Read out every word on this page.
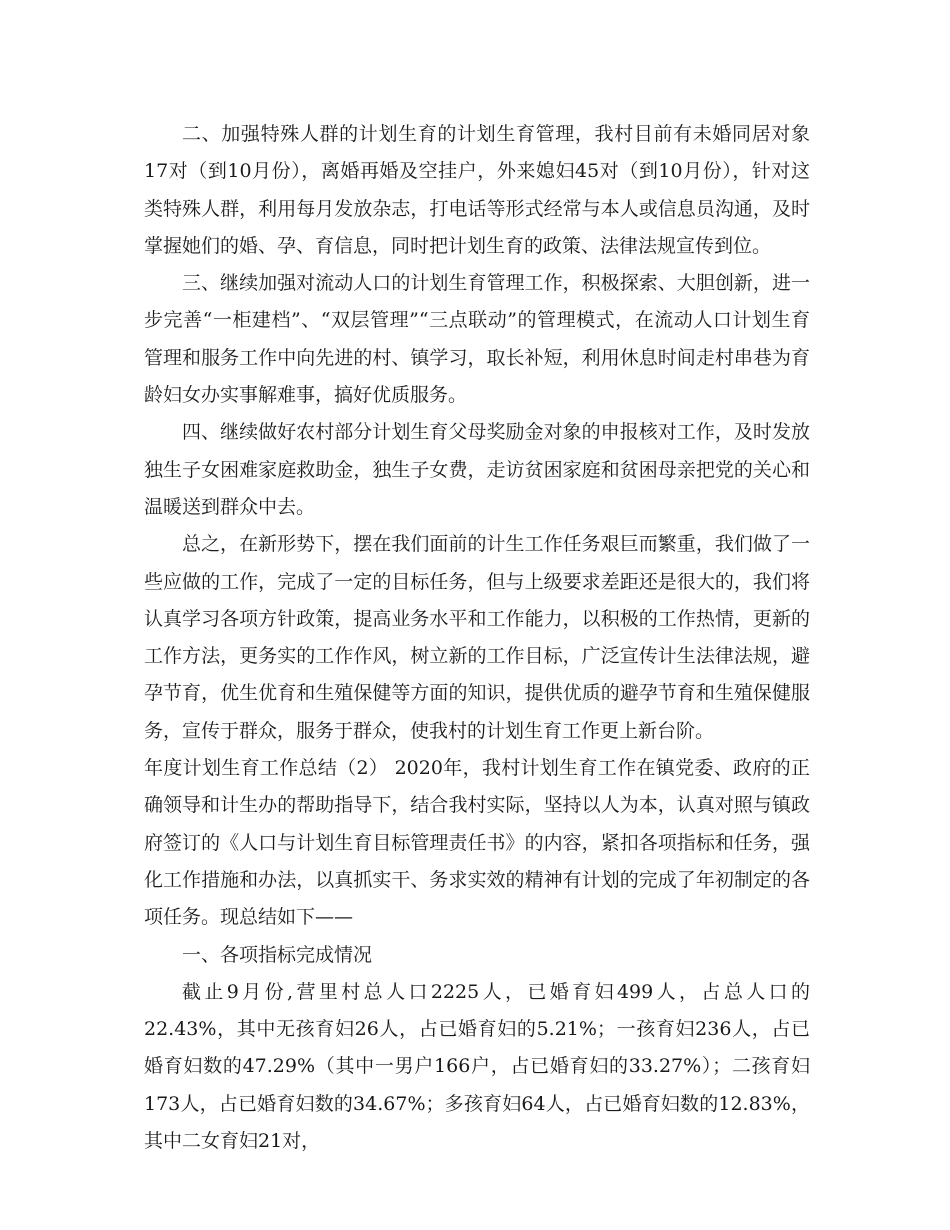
二、加强特殊人群的计划生育的计划生育管理，我村目前有未婚同居对象17对（到10月份），离婚再婚及空挂户，外来媳妇45对（到10月份），针对这类特殊人群，利用每月发放杂志，打电话等形式经常与本人或信息员沟通，及时掌握她们的婚、孕、育信息，同时把计划生育的政策、法律法规宣传到位。

三、继续加强对流动人口的计划生育管理工作，积极探索、大胆创新，进一步完善“一柜建档”、“双层管理”“三点联动”的管理模式，在流动人口计划生育管理和服务工作中向先进的村、镇学习，取长补短，利用休息时间走村串巷为育龄妇女办实事解难事，搞好优质服务。

四、继续做好农村部分计划生育父母奖励金对象的申报核对工作，及时发放独生子女困难家庭救助金，独生子女费，走访贫困家庭和贫困母亲把党的关心和温暖送到群众中去。

总之，在新形势下，摆在我们面前的计生工作任务艰巨而繁重，我们做了一些应做的工作，完成了一定的目标任务，但与上级要求差距还是很大的，我们将认真学习各项方针政策，提高业务水平和工作能力，以积极的工作热情，更新的工作方法，更务实的工作作风，树立新的工作目标，广泛宣传计生法律法规，避孕节育，优生优育和生殖保健等方面的知识，提供优质的避孕节育和生殖保健服务，宣传于群众，服务于群众，使我村的计划生育工作更上新台阶。

年度计划生育工作总结（2） 2020年，我村计划生育工作在镇党委、政府的正确领导和计生办的帮助指导下，结合我村实际，坚持以人为本，认真对照与镇政府签订的《人口与计划生育目标管理责任书》的内容，紧扣各项指标和任务，强化工作措施和办法，以真抓实干、务求实效的精神有计划的完成了年初制定的各项任务。现总结如下——

一、各项指标完成情况

截止9月份,营里村总人口2225人，已婚育妇499人，占总人口的22.43%，其中无孩育妇26人，占已婚育妇的5.21%；一孩育妇236人，占已婚育妇数的47.29%（其中一男户166户，占已婚育妇的33.27%）；二孩育妇173人，占已婚育妇数的34.67%；多孩育妇64人，占已婚育妇数的12.83%，其中二女育妇21对，
